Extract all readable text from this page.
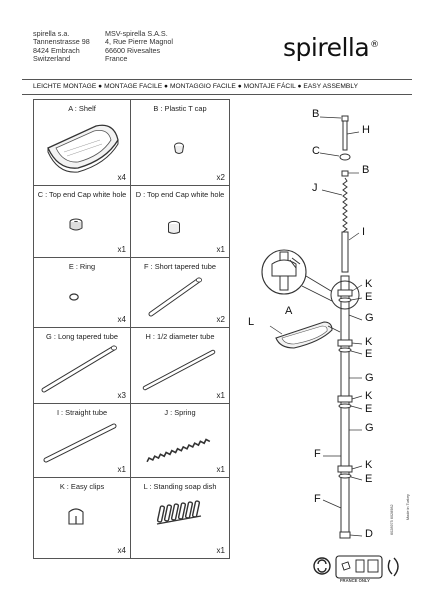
spirella s.a.
Tannenstrasse 98
8424 Embrach
Switzerland
MSV-spirella S.A.S.
4, Rue Pierre Magnol
66600 Rivesaltes
France	spirella®
LEICHTE MONTAGE ● MONTAGE FACILE ● MONTAGGIO FACILE ● MONTAJE FÁCIL ● EASY ASSEMBLY
A : Shelf
x4
B : Plastic T cap
x2
C : Top end Cap white hole
x1
D : Top end Cap white hole
x1
E : Ring
x4
F : Short tapered tube
x2
G : Long tapered tube
x3
H : 1/2 diameter tube
x1
I : Straight tube
x1
J : Spring
x1
K : Easy clips
x4
L : Standing soap dish
x1
B
H
C
B
J
I
K
E
L
A
G
K
E
G
K
E
G
F
K
E
F
D	6028975 6028982	Made in Turkey
FRANCE ONLY
